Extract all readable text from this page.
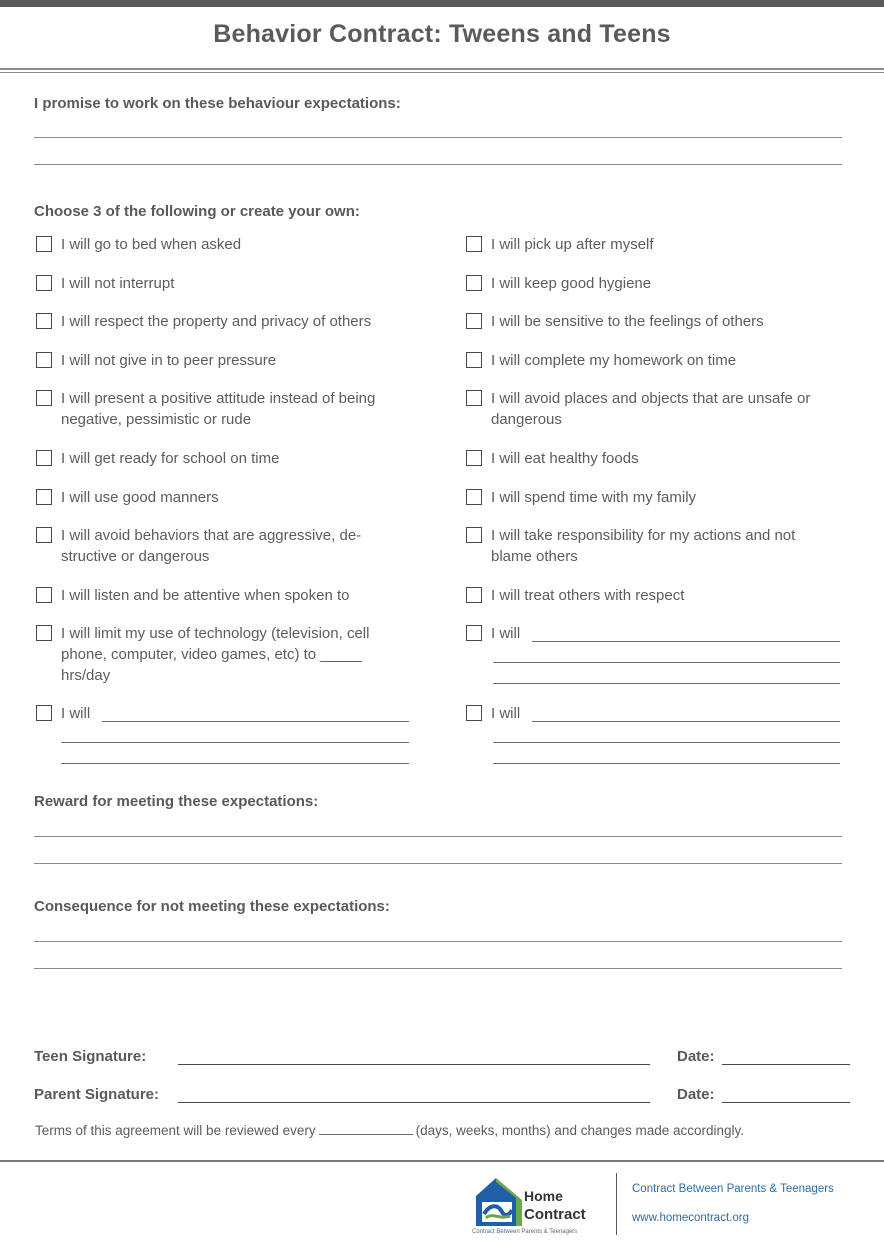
Behavior Contract: Tweens and Teens
I promise to work on these behaviour expectations:
Choose 3 of the following or create your own:
I will go to bed when asked
I will not interrupt
I will respect the property and privacy of others
I will not give in to peer pressure
I will present a positive attitude instead of being negative, pessimistic or rude
I will get ready for school on time
I will use good manners
I will avoid behaviors that are aggressive, de-structive or dangerous
I will listen and be attentive when spoken to
I will limit my use of technology (television, cell phone, computer, video games, etc) to _____ hrs/day
I will
I will pick up after myself
I will keep good hygiene
I will be sensitive to the feelings of others
I will complete my homework on time
I will avoid places and objects that are unsafe or dangerous
I will eat healthy foods
I will spend time with my family
I will take responsibility for my actions and not blame others
I will treat others with respect
I will
I will
Reward for meeting these expectations:
Consequence for not meeting these expectations:
Teen Signature:	Date:
Parent Signature:	Date:
Terms of this agreement will be reviewed every	(days, weeks, months) and changes made accordingly.
Home
Contract
Contract Between Parents & Teenagers
Contract Between Parents & Teenagers
www.homecontract.org
